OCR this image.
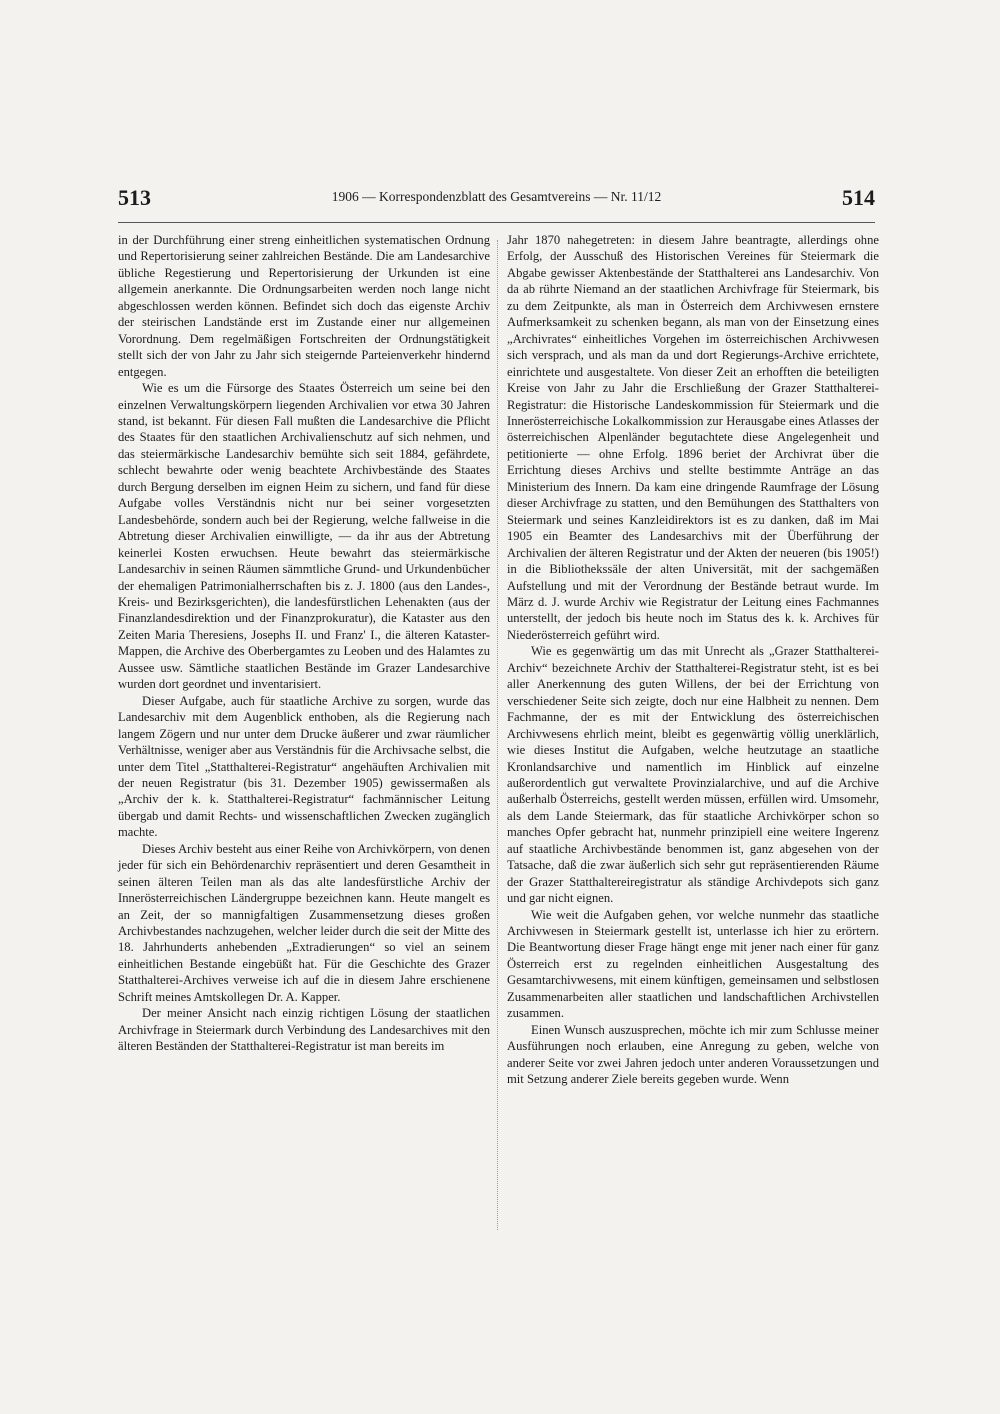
513	1906 — Korrespondenzblatt des Gesamtvereins — Nr. 11/12	514

in der Durchführung einer streng einheitlichen systematischen Ordnung und Repertorisierung seiner zahlreichen Bestände. Die am Landesarchive übliche Regestierung und Repertorisierung der Urkunden ist eine allgemein anerkannte. Die Ordnungsarbeiten werden noch lange nicht abgeschlossen werden können. Befindet sich doch das eigenste Archiv der steirischen Landstände erst im Zustande einer nur allgemeinen Vorordnung. Dem regelmäßigen Fortschreiten der Ordnungstätigkeit stellt sich der von Jahr zu Jahr sich steigernde Parteienverkehr hindernd entgegen.

Wie es um die Fürsorge des Staates Österreich um seine bei den einzelnen Verwaltungskörpern liegenden Archivalien vor etwa 30 Jahren stand, ist bekannt. Für diesen Fall mußten die Landesarchive die Pflicht des Staates für den staatlichen Archivalienschutz auf sich nehmen, und das steiermärkische Landesarchiv bemühte sich seit 1884, gefährdete, schlecht bewahrte oder wenig beachtete Archivbestände des Staates durch Bergung derselben im eignen Heim zu sichern, und fand für diese Aufgabe volles Verständnis nicht nur bei seiner vorgesetzten Landesbehörde, sondern auch bei der Regierung, welche fallweise in die Abtretung dieser Archivalien einwilligte, — da ihr aus der Abtretung keinerlei Kosten erwuchsen. Heute bewahrt das steiermärkische Landesarchiv in seinen Räumen sämmtliche Grund- und Urkundenbücher der ehemaligen Patrimonialherrschaften bis z. J. 1800 (aus den Landes-, Kreis- und Bezirksgerichten), die landesfürstlichen Lehenakten (aus der Finanzlandesdirektion und der Finanzprokuratur), die Kataster aus den Zeiten Maria Theresiens, Josephs II. und Franz' I., die älteren Kataster-Mappen, die Archive des Oberbergamtes zu Leoben und des Halamtes zu Aussee usw. Sämtliche staatlichen Bestände im Grazer Landesarchive wurden dort geordnet und inventarisiert.

Dieser Aufgabe, auch für staatliche Archive zu sorgen, wurde das Landesarchiv mit dem Augenblick enthoben, als die Regierung nach langem Zögern und nur unter dem Drucke äußerer und zwar räumlicher Verhältnisse, weniger aber aus Verständnis für die Archivsache selbst, die unter dem Titel „Statthalterei-Registratur“ angehäuften Archivalien mit der neuen Registratur (bis 31. Dezember 1905) gewissermaßen als „Archiv der k. k. Statthalterei-Registratur“ fachmännischer Leitung übergab und damit Rechts- und wissenschaftlichen Zwecken zugänglich machte.

Dieses Archiv besteht aus einer Reihe von Archivkörpern, von denen jeder für sich ein Behördenarchiv repräsentiert und deren Gesamtheit in seinen älteren Teilen man als das alte landesfürstliche Archiv der Innerösterreichischen Ländergruppe bezeichnen kann. Heute mangelt es an Zeit, der so mannigfaltigen Zusammensetzung dieses großen Archivbestandes nachzugehen, welcher leider durch die seit der Mitte des 18. Jahrhunderts anhebenden „Extradierungen“ so viel an seinem einheitlichen Bestande eingebüßt hat. Für die Geschichte des Grazer Statthalterei-Archives verweise ich auf die in diesem Jahre erschienene Schrift meines Amtskollegen Dr. A. Kapper.

Der meiner Ansicht nach einzig richtigen Lösung der staatlichen Archivfrage in Steiermark durch Verbindung des Landesarchives mit den älteren Beständen der Statthalterei-Registratur ist man bereits im

Jahr 1870 nahegetreten: in diesem Jahre beantragte, allerdings ohne Erfolg, der Ausschuß des Historischen Vereines für Steiermark die Abgabe gewisser Aktenbestände der Statthalterei ans Landesarchiv. Von da ab rührte Niemand an der staatlichen Archivfrage für Steiermark, bis zu dem Zeitpunkte, als man in Österreich dem Archivwesen ernstere Aufmerksamkeit zu schenken begann, als man von der Einsetzung eines „Archivrates“ einheitliches Vorgehen im österreichischen Archivwesen sich versprach, und als man da und dort Regierungs-Archive errichtete, einrichtete und ausgestaltete. Von dieser Zeit an erhofften die beteiligten Kreise von Jahr zu Jahr die Erschließung der Grazer Statthalterei-Registratur: die Historische Landeskommission für Steiermark und die Innerösterreichische Lokalkommission zur Herausgabe eines Atlasses der österreichischen Alpenländer begutachtete diese Angelegenheit und petitionierte — ohne Erfolg. 1896 beriet der Archivrat über die Errichtung dieses Archivs und stellte bestimmte Anträge an das Ministerium des Innern. Da kam eine dringende Raumfrage der Lösung dieser Archivfrage zu statten, und den Bemühungen des Statthalters von Steiermark und seines Kanzleidirektors ist es zu danken, daß im Mai 1905 ein Beamter des Landesarchivs mit der Überführung der Archivalien der älteren Registratur und der Akten der neueren (bis 1905!) in die Bibliothekssäle der alten Universität, mit der sachgemäßen Aufstellung und mit der Verordnung der Bestände betraut wurde. Im März d. J. wurde Archiv wie Registratur der Leitung eines Fachmannes unterstellt, der jedoch bis heute noch im Status des k. k. Archives für Niederösterreich geführt wird.

Wie es gegenwärtig um das mit Unrecht als „Grazer Statthalterei-Archiv“ bezeichnete Archiv der Statthalterei-Registratur steht, ist es bei aller Anerkennung des guten Willens, der bei der Errichtung von verschiedener Seite sich zeigte, doch nur eine Halbheit zu nennen. Dem Fachmanne, der es mit der Entwicklung des österreichischen Archivwesens ehrlich meint, bleibt es gegenwärtig völlig unerklärlich, wie dieses Institut die Aufgaben, welche heutzutage an staatliche Kronlandsarchive und namentlich im Hinblick auf einzelne außerordentlich gut verwaltete Provinzialarchive, und auf die Archive außerhalb Österreichs, gestellt werden müssen, erfüllen wird. Umsomehr, als dem Lande Steiermark, das für staatliche Archivkörper schon so manches Opfer gebracht hat, nunmehr prinzipiell eine weitere Ingerenz auf staatliche Archivbestände benommen ist, ganz abgesehen von der Tatsache, daß die zwar äußerlich sich sehr gut repräsentierenden Räume der Grazer Statthaltereiregistratur als ständige Archivdepots sich ganz und gar nicht eignen.

Wie weit die Aufgaben gehen, vor welche nunmehr das staatliche Archivwesen in Steiermark gestellt ist, unterlasse ich hier zu erörtern. Die Beantwortung dieser Frage hängt enge mit jener nach einer für ganz Österreich erst zu regelnden einheitlichen Ausgestaltung des Gesamtarchivwesens, mit einem künftigen, gemeinsamen und selbstlosen Zusammenarbeiten aller staatlichen und landschaftlichen Archivstellen zusammen.

Einen Wunsch auszusprechen, möchte ich mir zum Schlusse meiner Ausführungen noch erlauben, eine Anregung zu geben, welche von anderer Seite vor zwei Jahren jedoch unter anderen Voraussetzungen und mit Setzung anderer Ziele bereits gegeben wurde. Wenn
